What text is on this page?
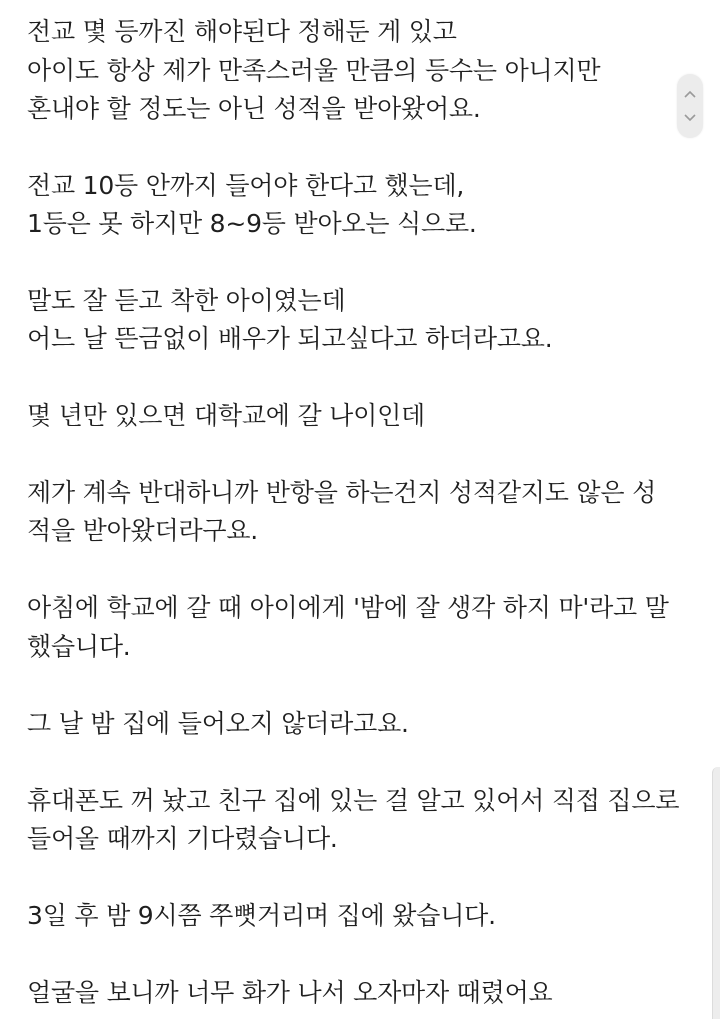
전교 몇 등까진 해야된다 정해둔 게 있고
아이도 항상 제가 만족스러울 만큼의 등수는 아니지만
혼내야 할 정도는 아닌 성적을 받아왔어요.
전교 10등 안까지 들어야 한다고 했는데,
1등은 못 하지만 8~9등 받아오는 식으로.
말도 잘 듣고 착한 아이였는데
어느 날 뜬금없이 배우가 되고싶다고 하더라고요.
몇 년만 있으면 대학교에 갈 나이인데
제가 계속 반대하니까 반항을 하는건지 성적같지도 않은 성
적을 받아왔더라구요.
아침에 학교에 갈 때 아이에게 '밤에 잘 생각 하지 마'라고 말
했습니다.
그 날 밤 집에 들어오지 않더라고요.
휴대폰도 꺼 놨고 친구 집에 있는 걸 알고 있어서 직접 집으로
들어올 때까지 기다렸습니다.
3일 후 밤 9시쯤 쭈뼛거리며 집에 왔습니다.
얼굴을 보니까 너무 화가 나서 오자마자 때렸어요
